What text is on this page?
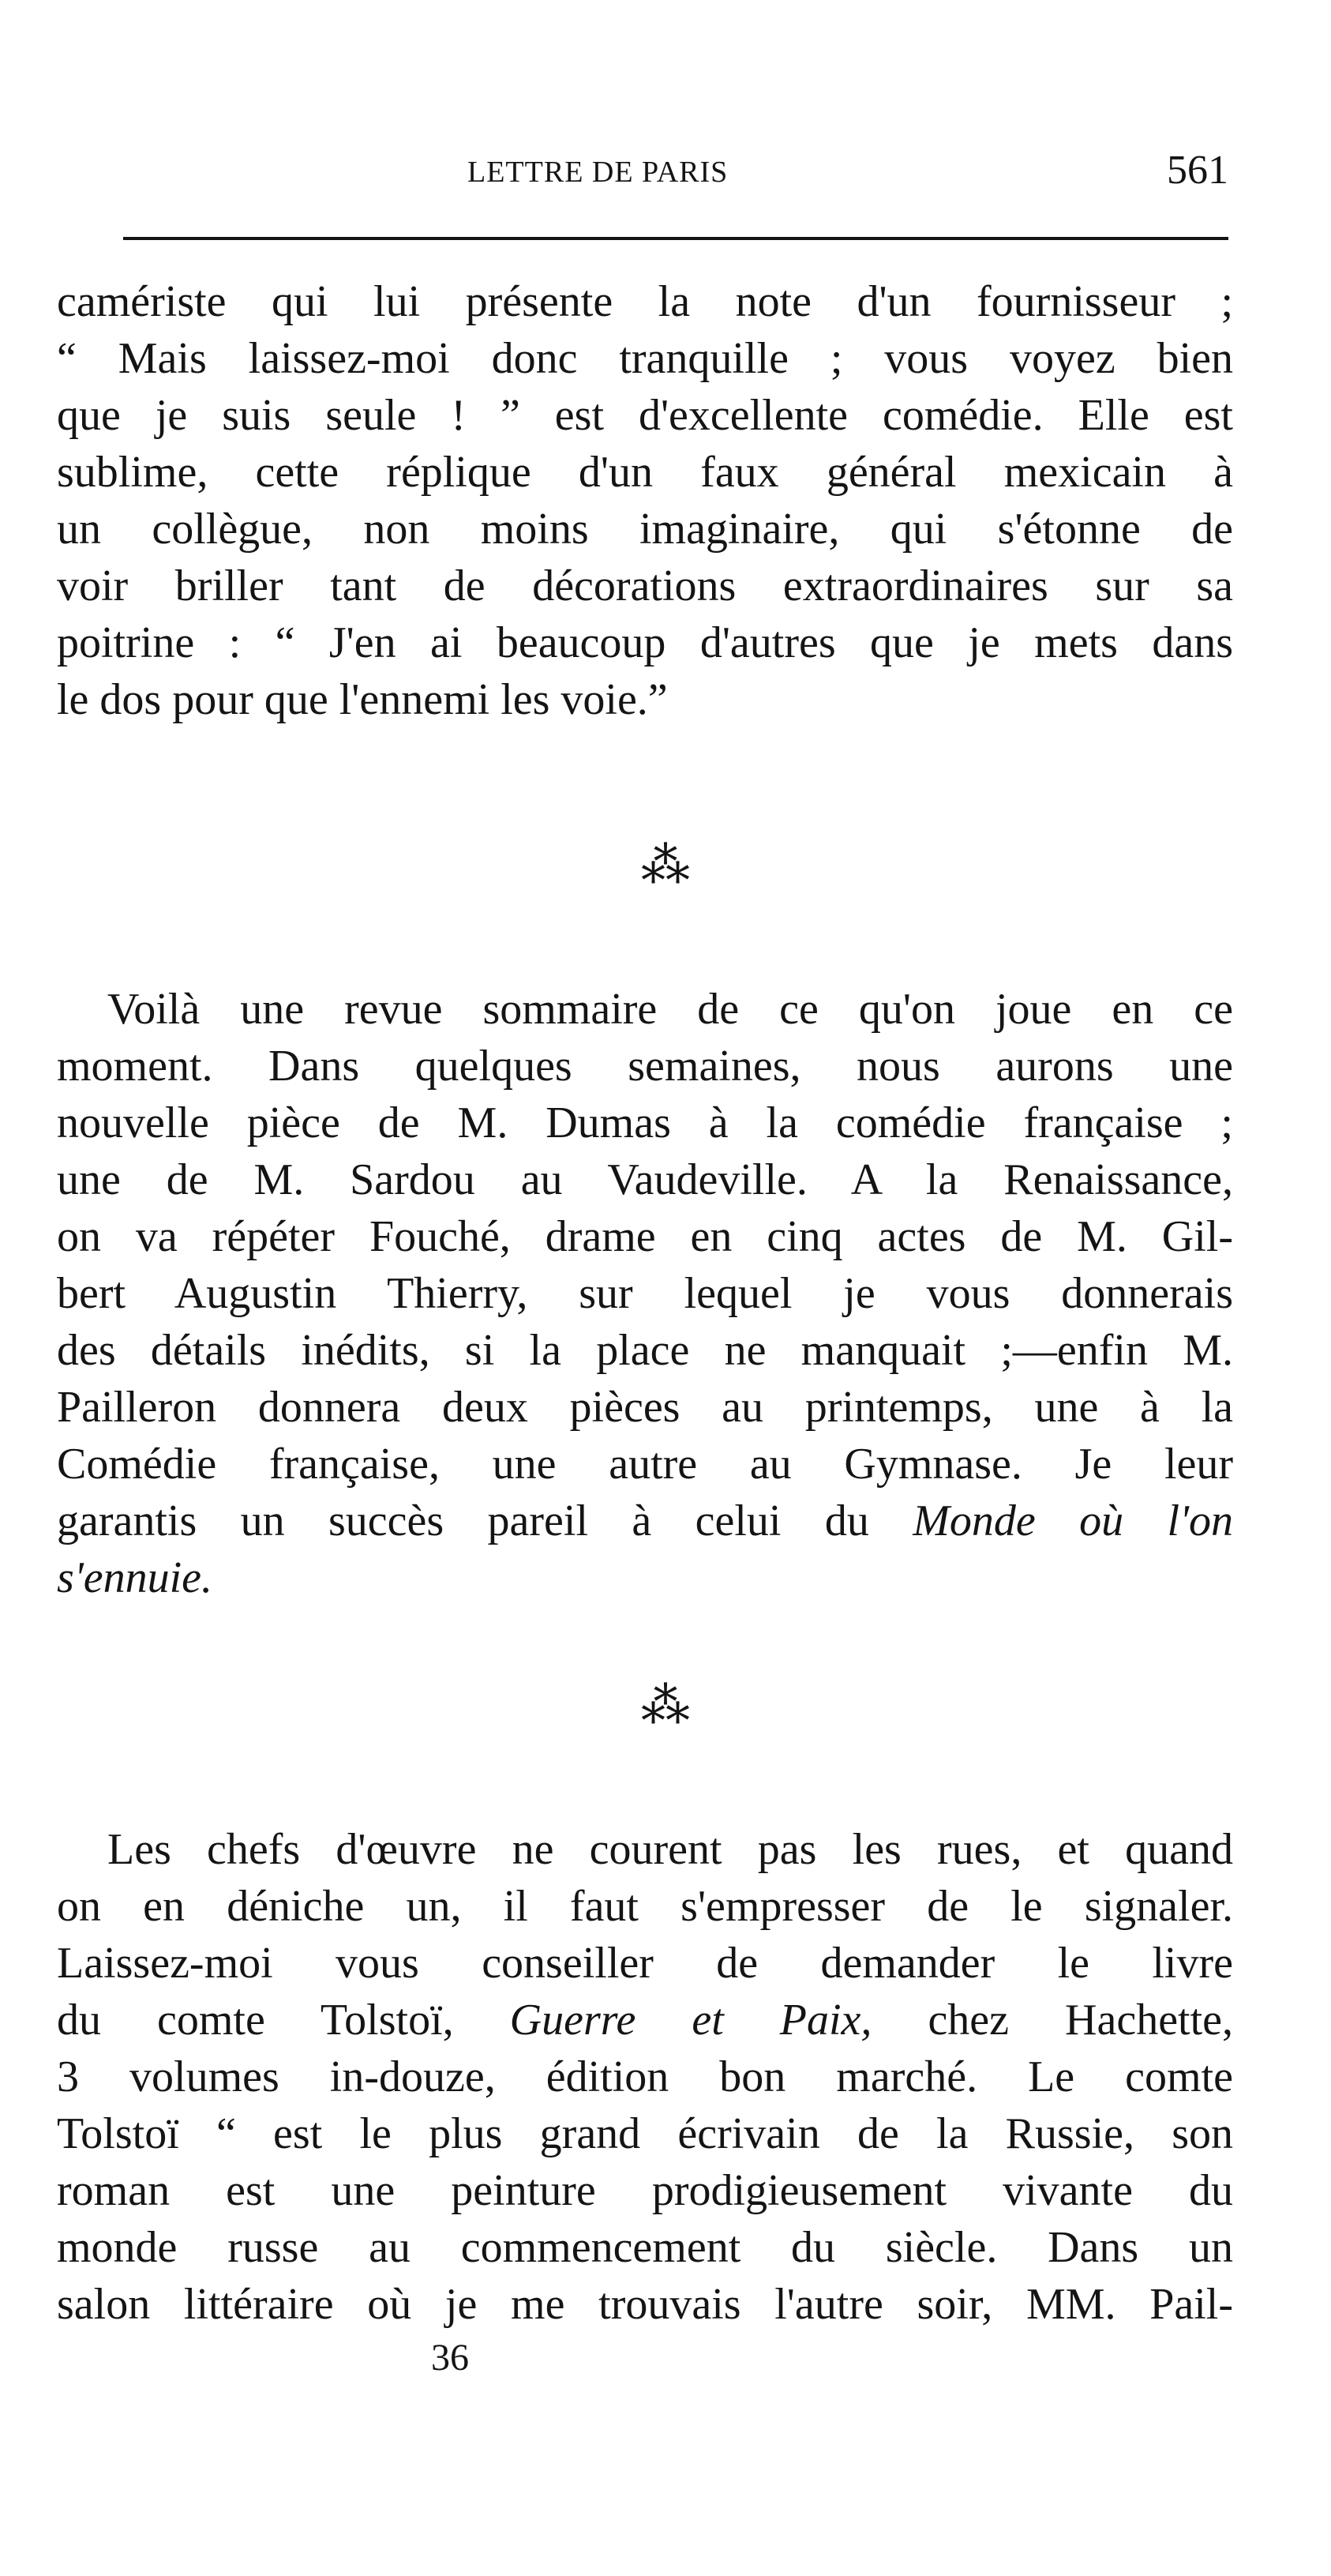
LETTRE DE PARIS	561
camériste qui lui présente la note d'un fournisseur ;
“ Mais laissez-moi donc tranquille ; vous voyez bien
que je suis seule ! ” est d'excellente comédie. Elle est
sublime, cette réplique d'un faux général mexicain à
un collègue, non moins imaginaire, qui s'étonne de
voir briller tant de décorations extraordinaires sur sa
poitrine : “ J'en ai beaucoup d'autres que je mets dans
le dos pour que l'ennemi les voie.”
⁂
Voilà une revue sommaire de ce qu'on joue en ce
moment. Dans quelques semaines, nous aurons une
nouvelle pièce de M. Dumas à la comédie française ;
une de M. Sardou au Vaudeville. A la Renaissance,
on va répéter Fouché, drame en cinq actes de M. Gil-
bert Augustin Thierry, sur lequel je vous donnerais
des détails inédits, si la place ne manquait ;—enfin M.
Pailleron donnera deux pièces au printemps, une à la
Comédie française, une autre au Gymnase. Je leur
garantis un succès pareil à celui du Monde où l'on
s'ennuie.
⁂
Les chefs d'œuvre ne courent pas les rues, et quand
on en déniche un, il faut s'empresser de le signaler.
Laissez-moi vous conseiller de demander le livre
du comte Tolstoï, Guerre et Paix, chez Hachette,
3 volumes in-douze, édition bon marché. Le comte
Tolstoï “ est le plus grand écrivain de la Russie, son
roman est une peinture prodigieusement vivante du
monde russe au commencement du siècle. Dans un
salon littéraire où je me trouvais l'autre soir, MM. Pail-
36
